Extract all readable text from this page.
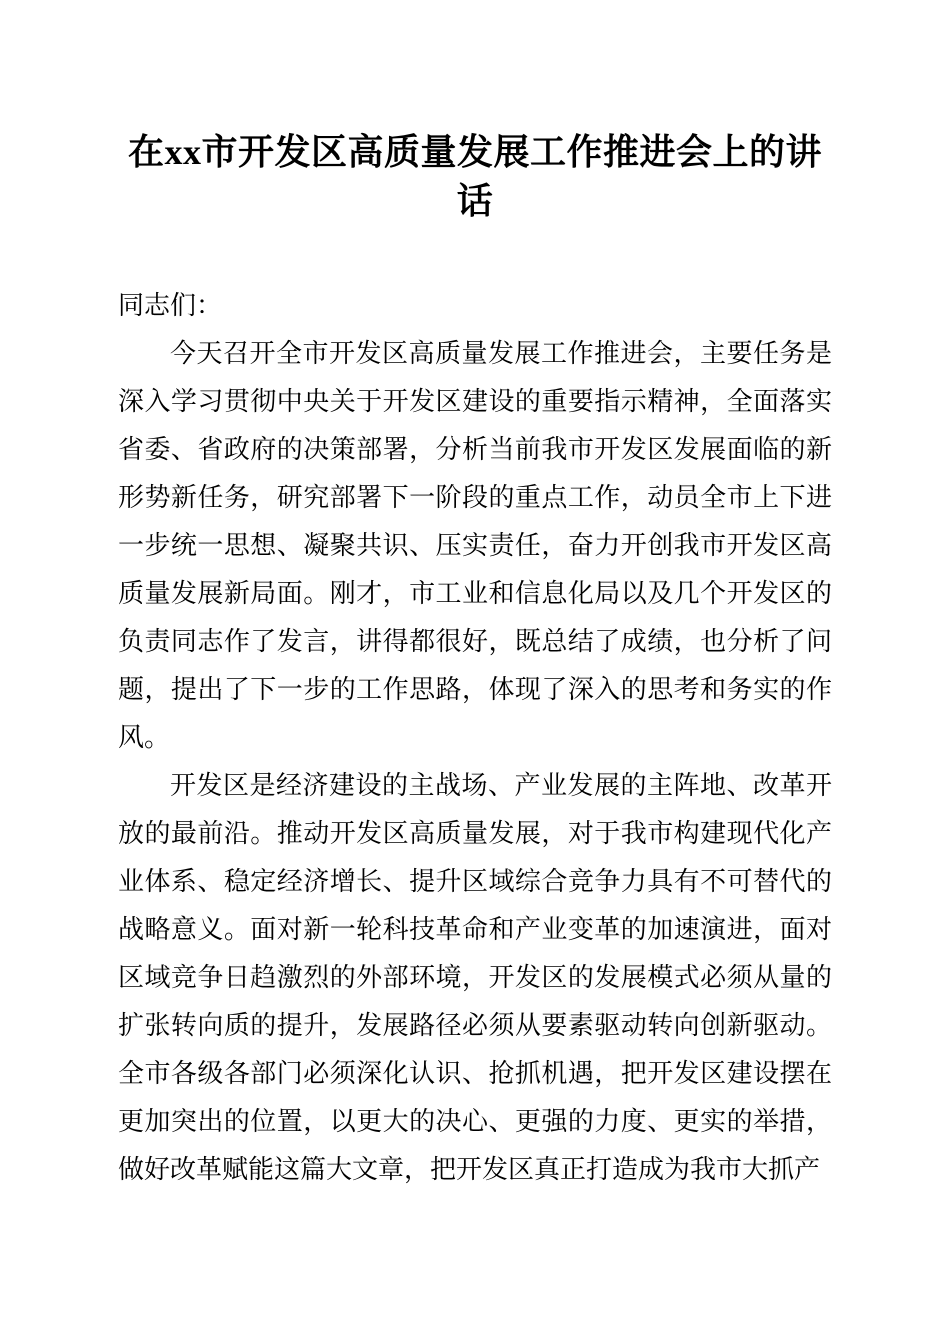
在xx市开发区高质量发展工作推进会上的讲话

同志们：

今天召开全市开发区高质量发展工作推进会，主要任务是深入学习贯彻中央关于开发区建设的重要指示精神，全面落实省委、省政府的决策部署，分析当前我市开发区发展面临的新形势新任务，研究部署下一阶段的重点工作，动员全市上下进一步统一思想、凝聚共识、压实责任，奋力开创我市开发区高质量发展新局面。刚才，市工业和信息化局以及几个开发区的负责同志作了发言，讲得都很好，既总结了成绩，也分析了问题，提出了下一步的工作思路，体现了深入的思考和务实的作风。

开发区是经济建设的主战场、产业发展的主阵地、改革开放的最前沿。推动开发区高质量发展，对于我市构建现代化产业体系、稳定经济增长、提升区域综合竞争力具有不可替代的战略意义。面对新一轮科技革命和产业变革的加速演进，面对区域竞争日趋激烈的外部环境，开发区的发展模式必须从量的扩张转向质的提升，发展路径必须从要素驱动转向创新驱动。全市各级各部门必须深化认识、抢抓机遇，把开发区建设摆在更加突出的位置，以更大的决心、更强的力度、更实的举措，做好改革赋能这篇大文章，把开发区真正打造成为我市大抓产
